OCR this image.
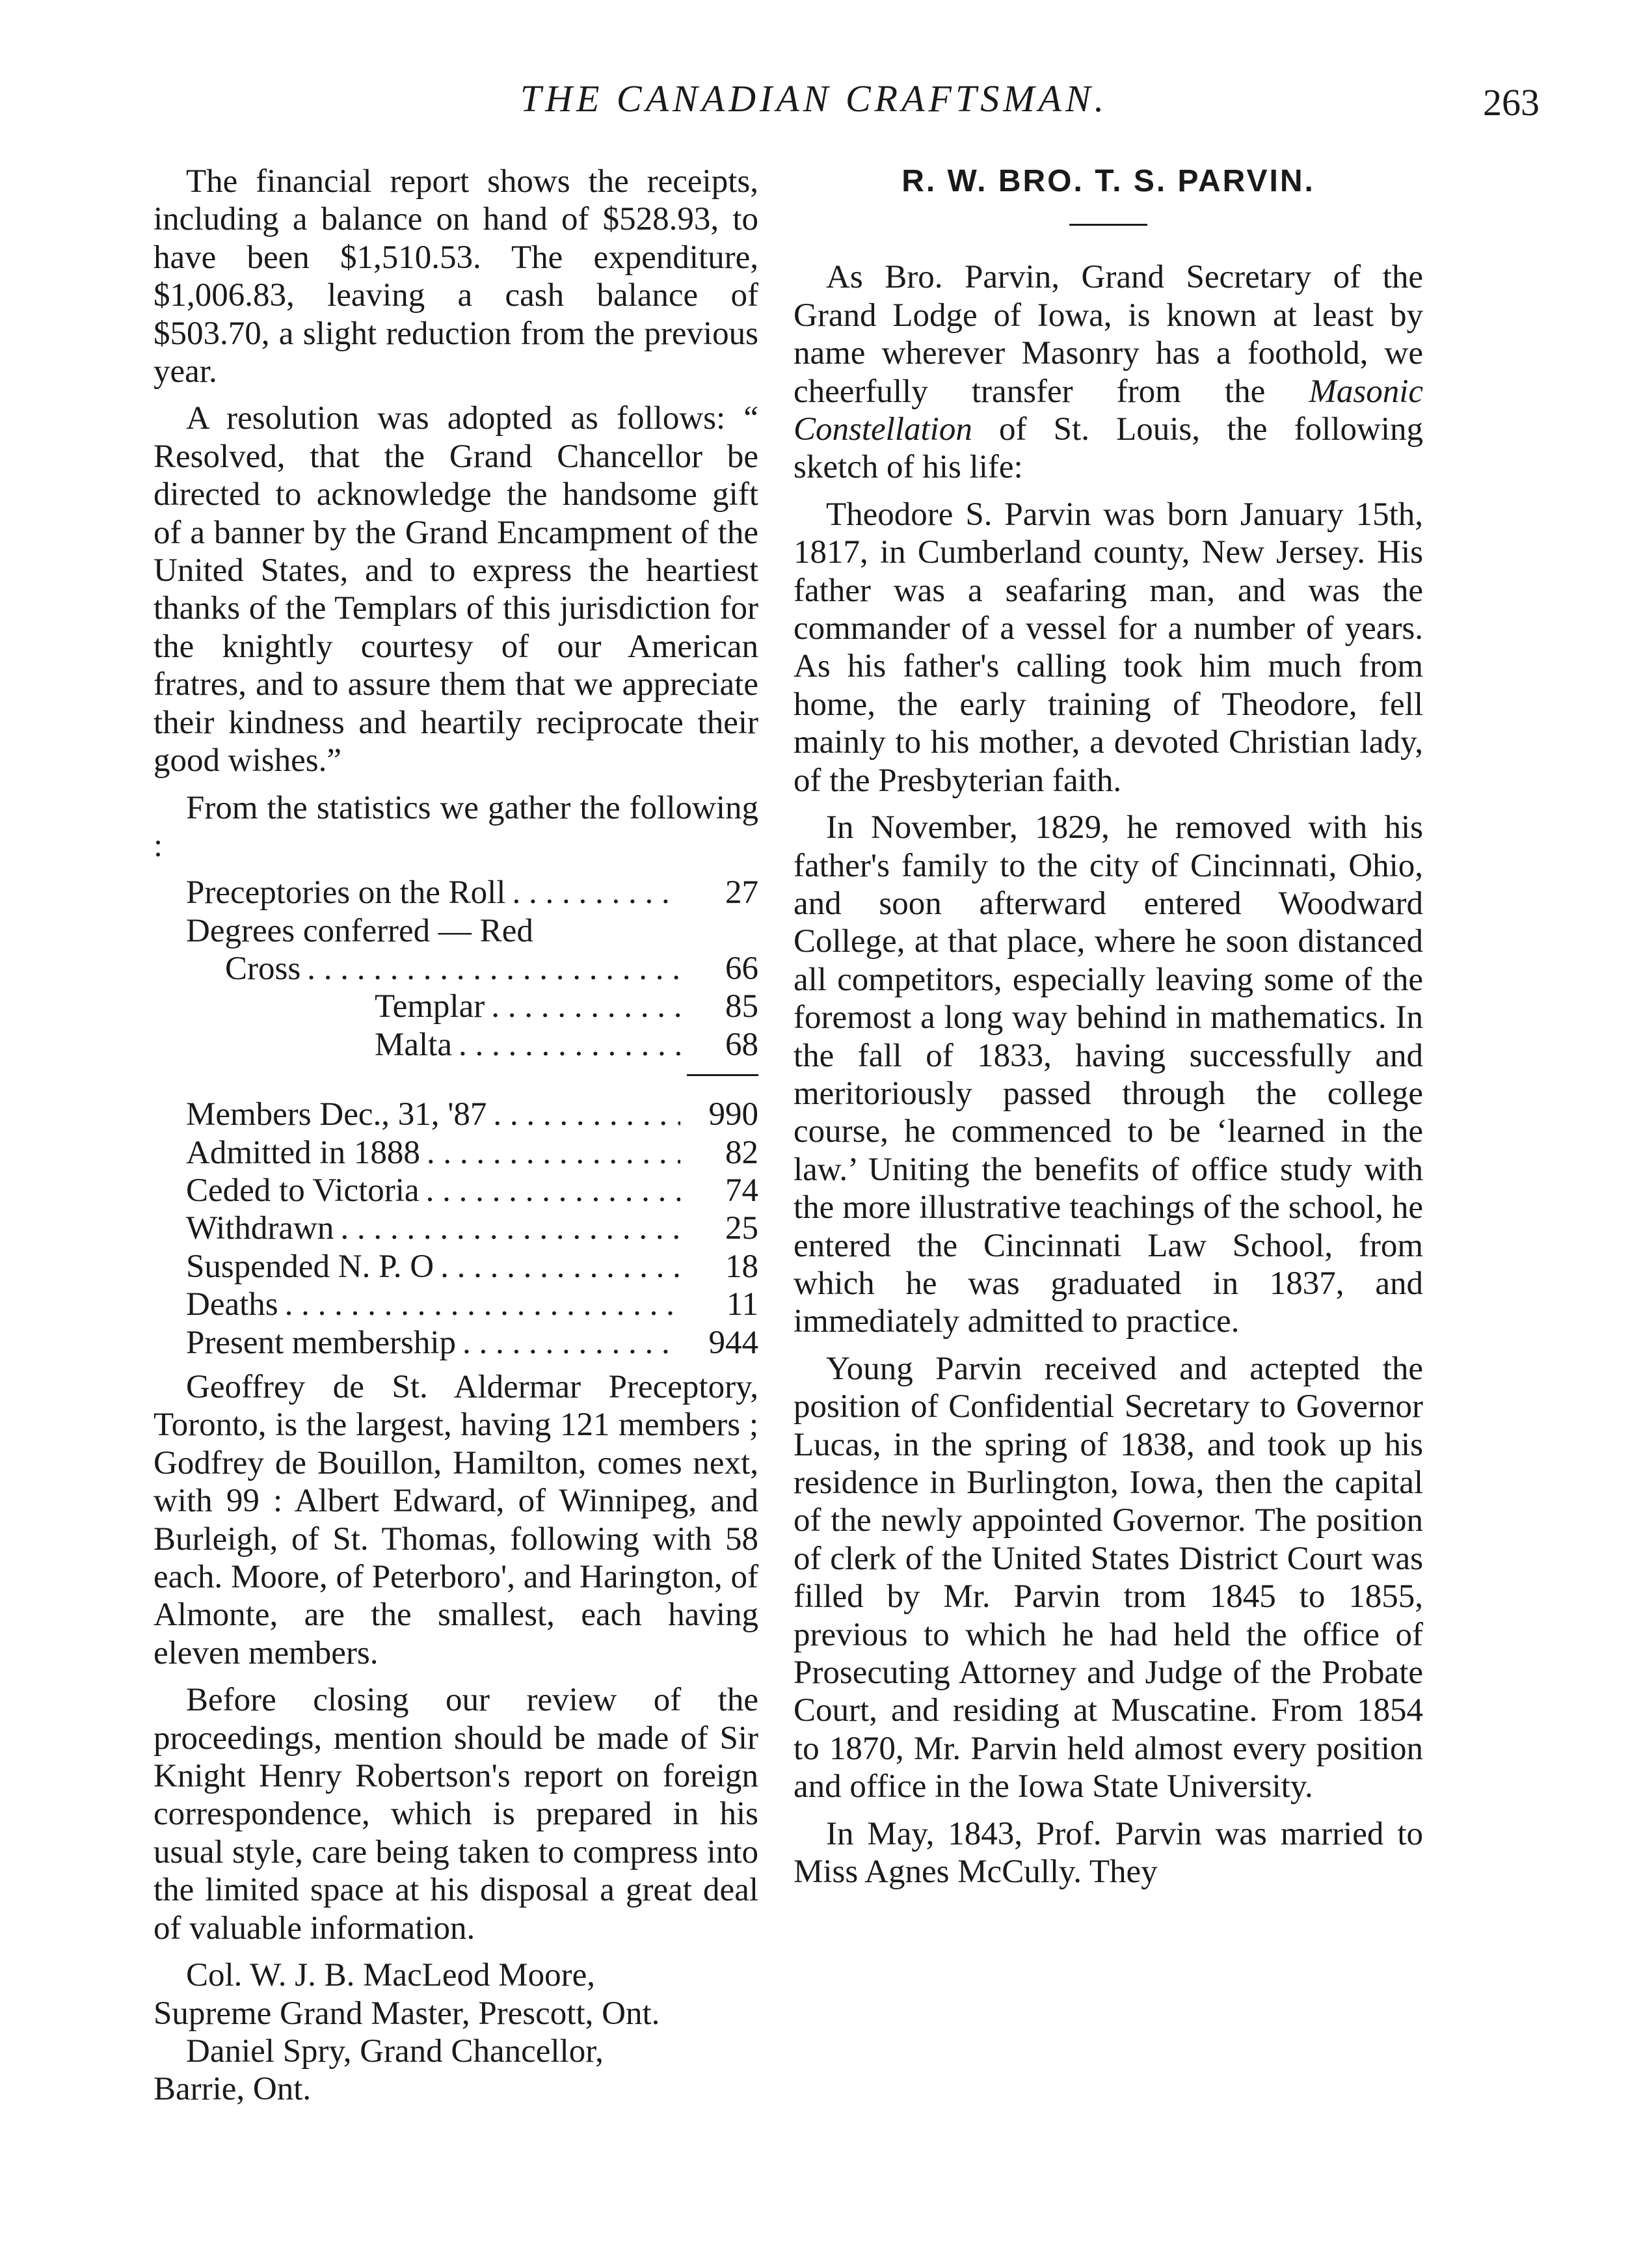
THE CANADIAN CRAFTSMAN.	263

The financial report shows the receipts, including a balance on hand of $528.93, to have been $1,510.53. The expenditure, $1,006.83, leaving a cash balance of $503.70, a slight reduction from the previous year.

A resolution was adopted as follows: “ Resolved, that the Grand Chancellor be directed to acknowledge the handsome gift of a banner by the Grand Encampment of the United States, and to express the heartiest thanks of the Templars of this jurisdiction for the knightly courtesy of our American fratres, and to assure them that we appreciate their kindness and heartily reciprocate their good wishes.”

From the statistics we gather the following :

Preceptories on the Roll . . .	27
Degrees conferred — Red
Cross . . .	66
Templar . . .	85
Malta . . .	68
Members Dec., 31, '87 . . .	990
Admitted in 1888 . . .	82
Ceded to Victoria . . .	74
Withdrawn . . .	25
Suspended N. P. O . . .	18
Deaths . . .	11
Present membership . . .	944

Geoffrey de St. Aldermar Preceptory, Toronto, is the largest, having 121 members ; Godfrey de Bouillon, Hamilton, comes next, with 99 : Albert Edward, of Winnipeg, and Burleigh, of St. Thomas, following with 58 each. Moore, of Peterboro', and Harington, of Almonte, are the smallest, each having eleven members.

Before closing our review of the proceedings, mention should be made of Sir Knight Henry Robertson's report on foreign correspondence, which is prepared in his usual style, care being taken to compress into the limited space at his disposal a great deal of valuable information.

Col. W. J. B. MacLeod Moore,

Supreme Grand Master, Prescott, Ont.

Daniel Spry, Grand Chancellor,

Barrie, Ont.

R. W. BRO. T. S. PARVIN.

As Bro. Parvin, Grand Secretary of the Grand Lodge of Iowa, is known at least by name wherever Masonry has a foothold, we cheerfully transfer from the Masonic Constellation of St. Louis, the following sketch of his life:

Theodore S. Parvin was born January 15th, 1817, in Cumberland county, New Jersey. His father was a seafaring man, and was the commander of a vessel for a number of years. As his father's calling took him much from home, the early training of Theodore, fell mainly to his mother, a devoted Christian lady, of the Presbyterian faith.

In November, 1829, he removed with his father's family to the city of Cincinnati, Ohio, and soon afterward entered Woodward College, at that place, where he soon distanced all competitors, especially leaving some of the foremost a long way behind in mathematics. In the fall of 1833, having successfully and meritoriously passed through the college course, he commenced to be ‘learned in the law.’ Uniting the benefits of office study with the more illustrative teachings of the school, he entered the Cincinnati Law School, from which he was graduated in 1837, and immediately admitted to practice.

Young Parvin received and actepted the position of Confidential Secretary to Governor Lucas, in the spring of 1838, and took up his residence in Burlington, Iowa, then the capital of the newly appointed Governor. The position of clerk of the United States District Court was filled by Mr. Parvin trom 1845 to 1855, previous to which he had held the office of Prosecuting Attorney and Judge of the Probate Court, and residing at Muscatine. From 1854 to 1870, Mr. Parvin held almost every position and office in the Iowa State University.

In May, 1843, Prof. Parvin was married to Miss Agnes McCully. They
